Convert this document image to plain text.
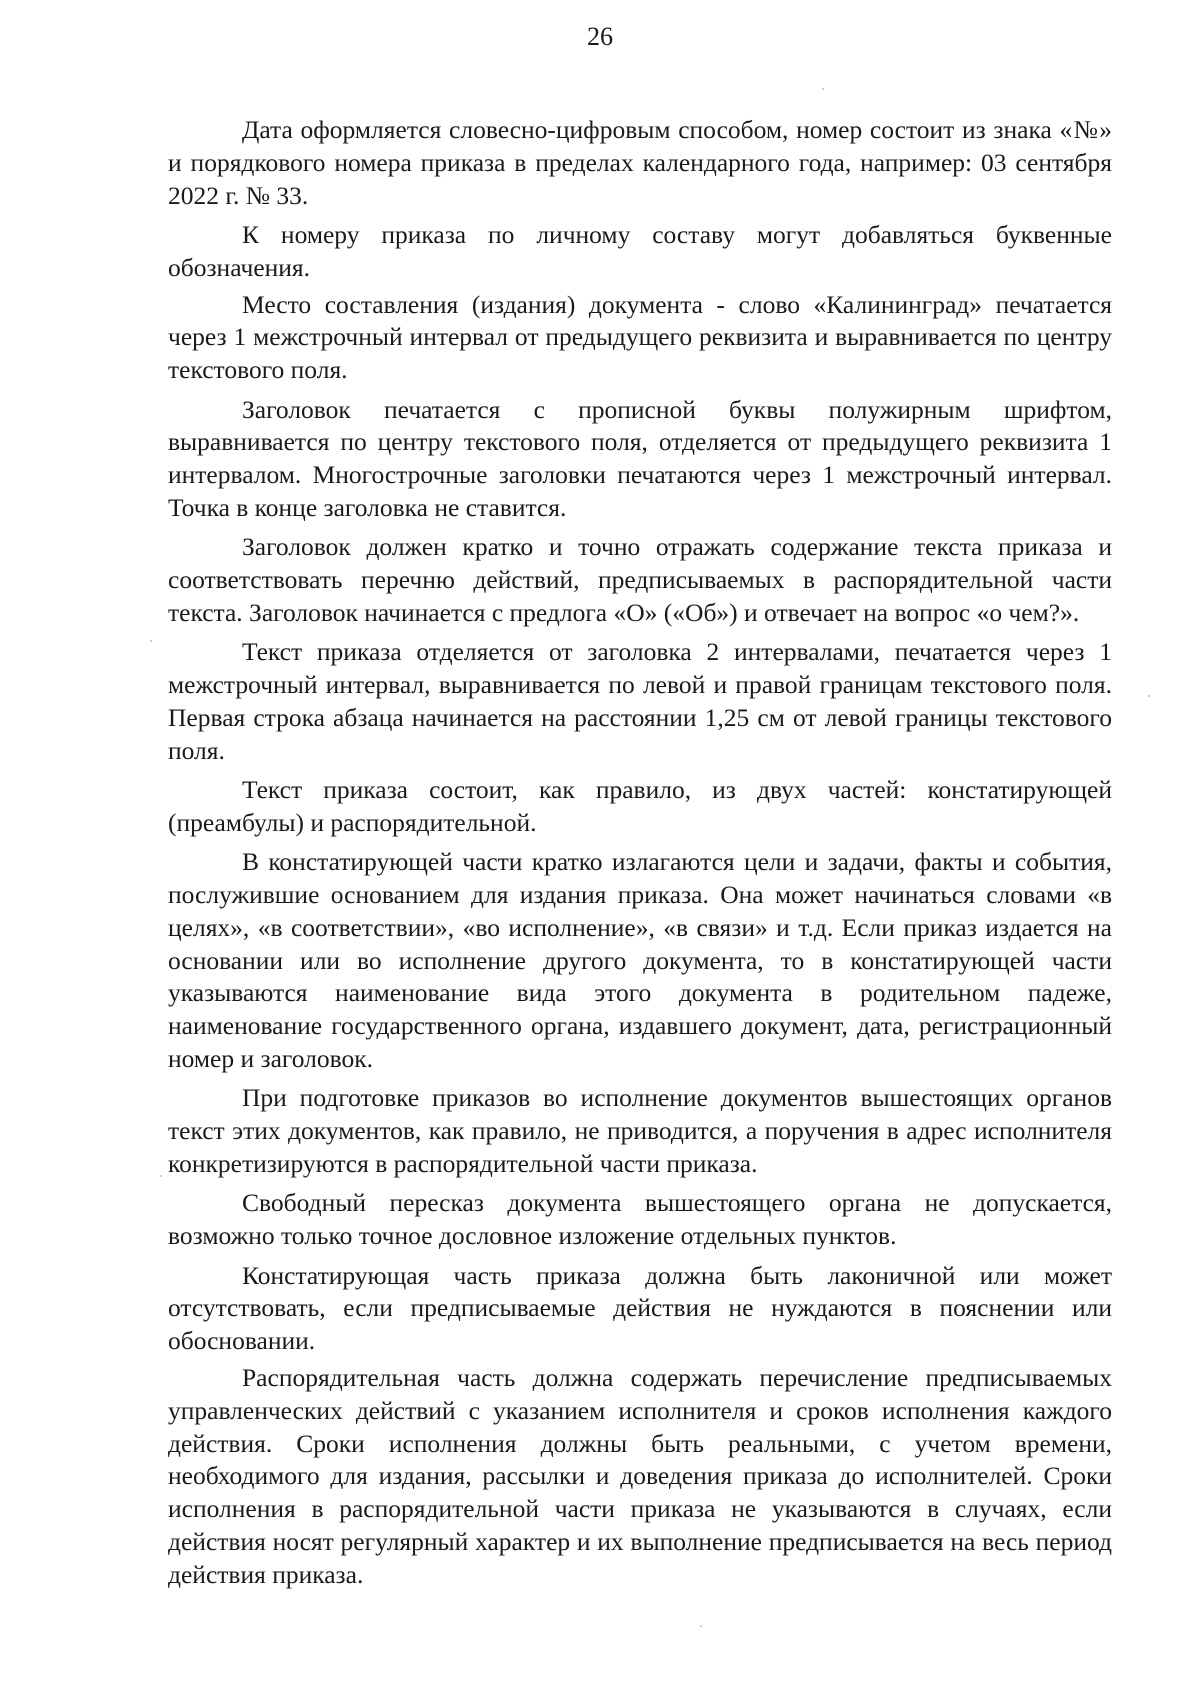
26

Дата оформляется словесно-цифровым способом, номер состоит из знака «№» и порядкового номера приказа в пределах календарного года, например: 03 сентября 2022 г. № 33.

К номеру приказа по личному составу могут добавляться буквенные обозначения.

Место составления (издания) документа - слово «Калининград» печатается через 1 межстрочный интервал от предыдущего реквизита и выравнивается по центру текстового поля.

Заголовок печатается с прописной буквы полужирным шрифтом, выравнивается по центру текстового поля, отделяется от предыдущего реквизита 1 интервалом. Многострочные заголовки печатаются через 1 межстрочный интервал. Точка в конце заголовка не ставится.

Заголовок должен кратко и точно отражать содержание текста приказа и соответствовать перечню действий, предписываемых в распорядительной части текста. Заголовок начинается с предлога «О» («Об») и отвечает на вопрос «о чем?».

Текст приказа отделяется от заголовка 2 интервалами, печатается через 1 межстрочный интервал, выравнивается по левой и правой границам текстового поля. Первая строка абзаца начинается на расстоянии 1,25 см от левой границы текстового поля.

Текст приказа состоит, как правило, из двух частей: констатирующей (преамбулы) и распорядительной.

В констатирующей части кратко излагаются цели и задачи, факты и события, послужившие основанием для издания приказа. Она может начинаться словами «в целях», «в соответствии», «во исполнение», «в связи» и т.д. Если приказ издается на основании или во исполнение другого документа, то в констатирующей части указываются наименование вида этого документа в родительном падеже, наименование государственного органа, издавшего документ, дата, регистрационный номер и заголовок.

При подготовке приказов во исполнение документов вышестоящих органов текст этих документов, как правило, не приводится, а поручения в адрес исполнителя конкретизируются в распорядительной части приказа.

Свободный пересказ документа вышестоящего органа не допускается, возможно только точное дословное изложение отдельных пунктов.

Констатирующая часть приказа должна быть лаконичной или может отсутствовать, если предписываемые действия не нуждаются в пояснении или обосновании.

Распорядительная часть должна содержать перечисление предписываемых управленческих действий с указанием исполнителя и сроков исполнения каждого действия. Сроки исполнения должны быть реальными, с учетом времени, необходимого для издания, рассылки и доведения приказа до исполнителей. Сроки исполнения в распорядительной части приказа не указываются в случаях, если действия носят регулярный характер и их выполнение предписывается на весь период действия приказа.
